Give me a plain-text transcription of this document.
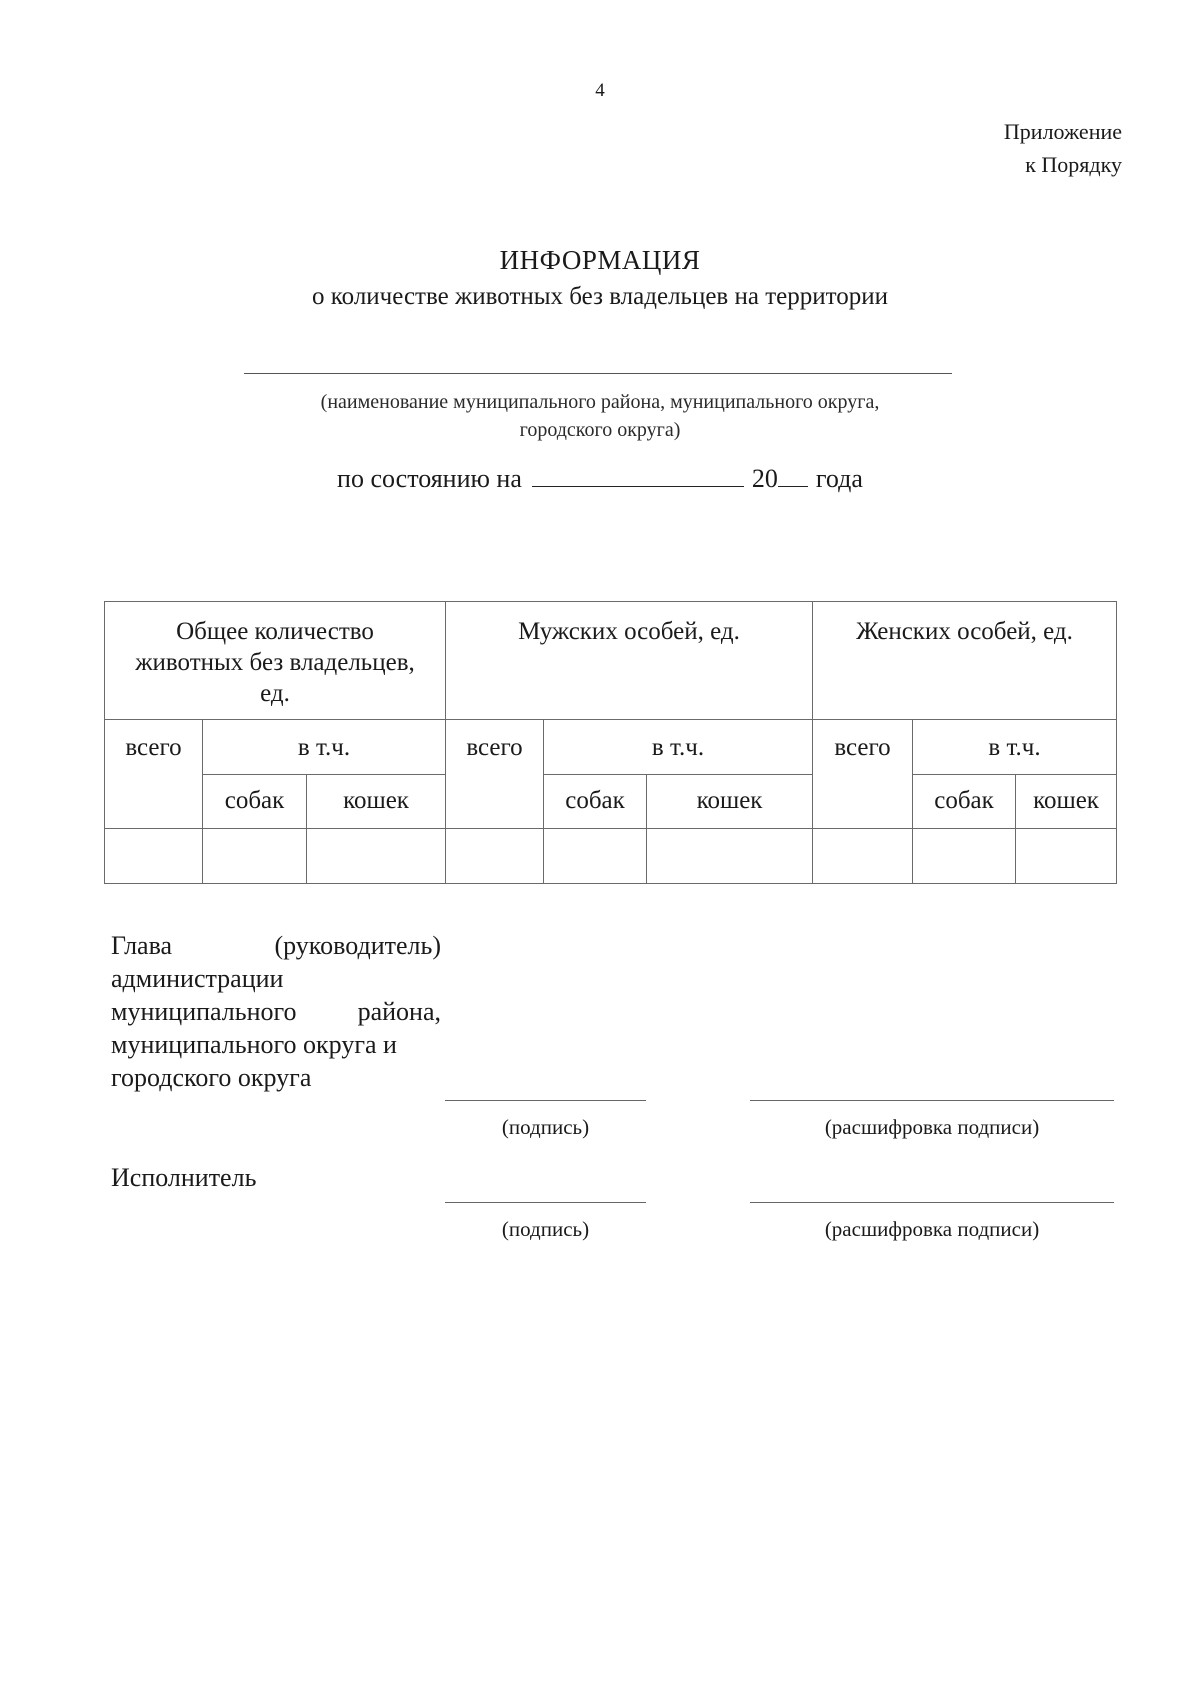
4
Приложение
к Порядку
ИНФОРМАЦИЯ
о количестве животных без владельцев на территории
(наименование муниципального района, муниципального округа,
городского округа)
по состоянию на	20 года
Общее количество
животных без владельцев,
ед.			Мужских особей, ед.			Женских особей, ед.		
всего	в т.ч.		всего	в т.ч.		всего	в т.ч.	
	собак	кошек		собак	кошек		собак	кошек

Глава	(руководитель)
администрации
муниципального района,
муниципального округа и
городского округа
(подпись)	(расшифровка подписи)
Исполнитель
(подпись)	(расшифровка подписи)
